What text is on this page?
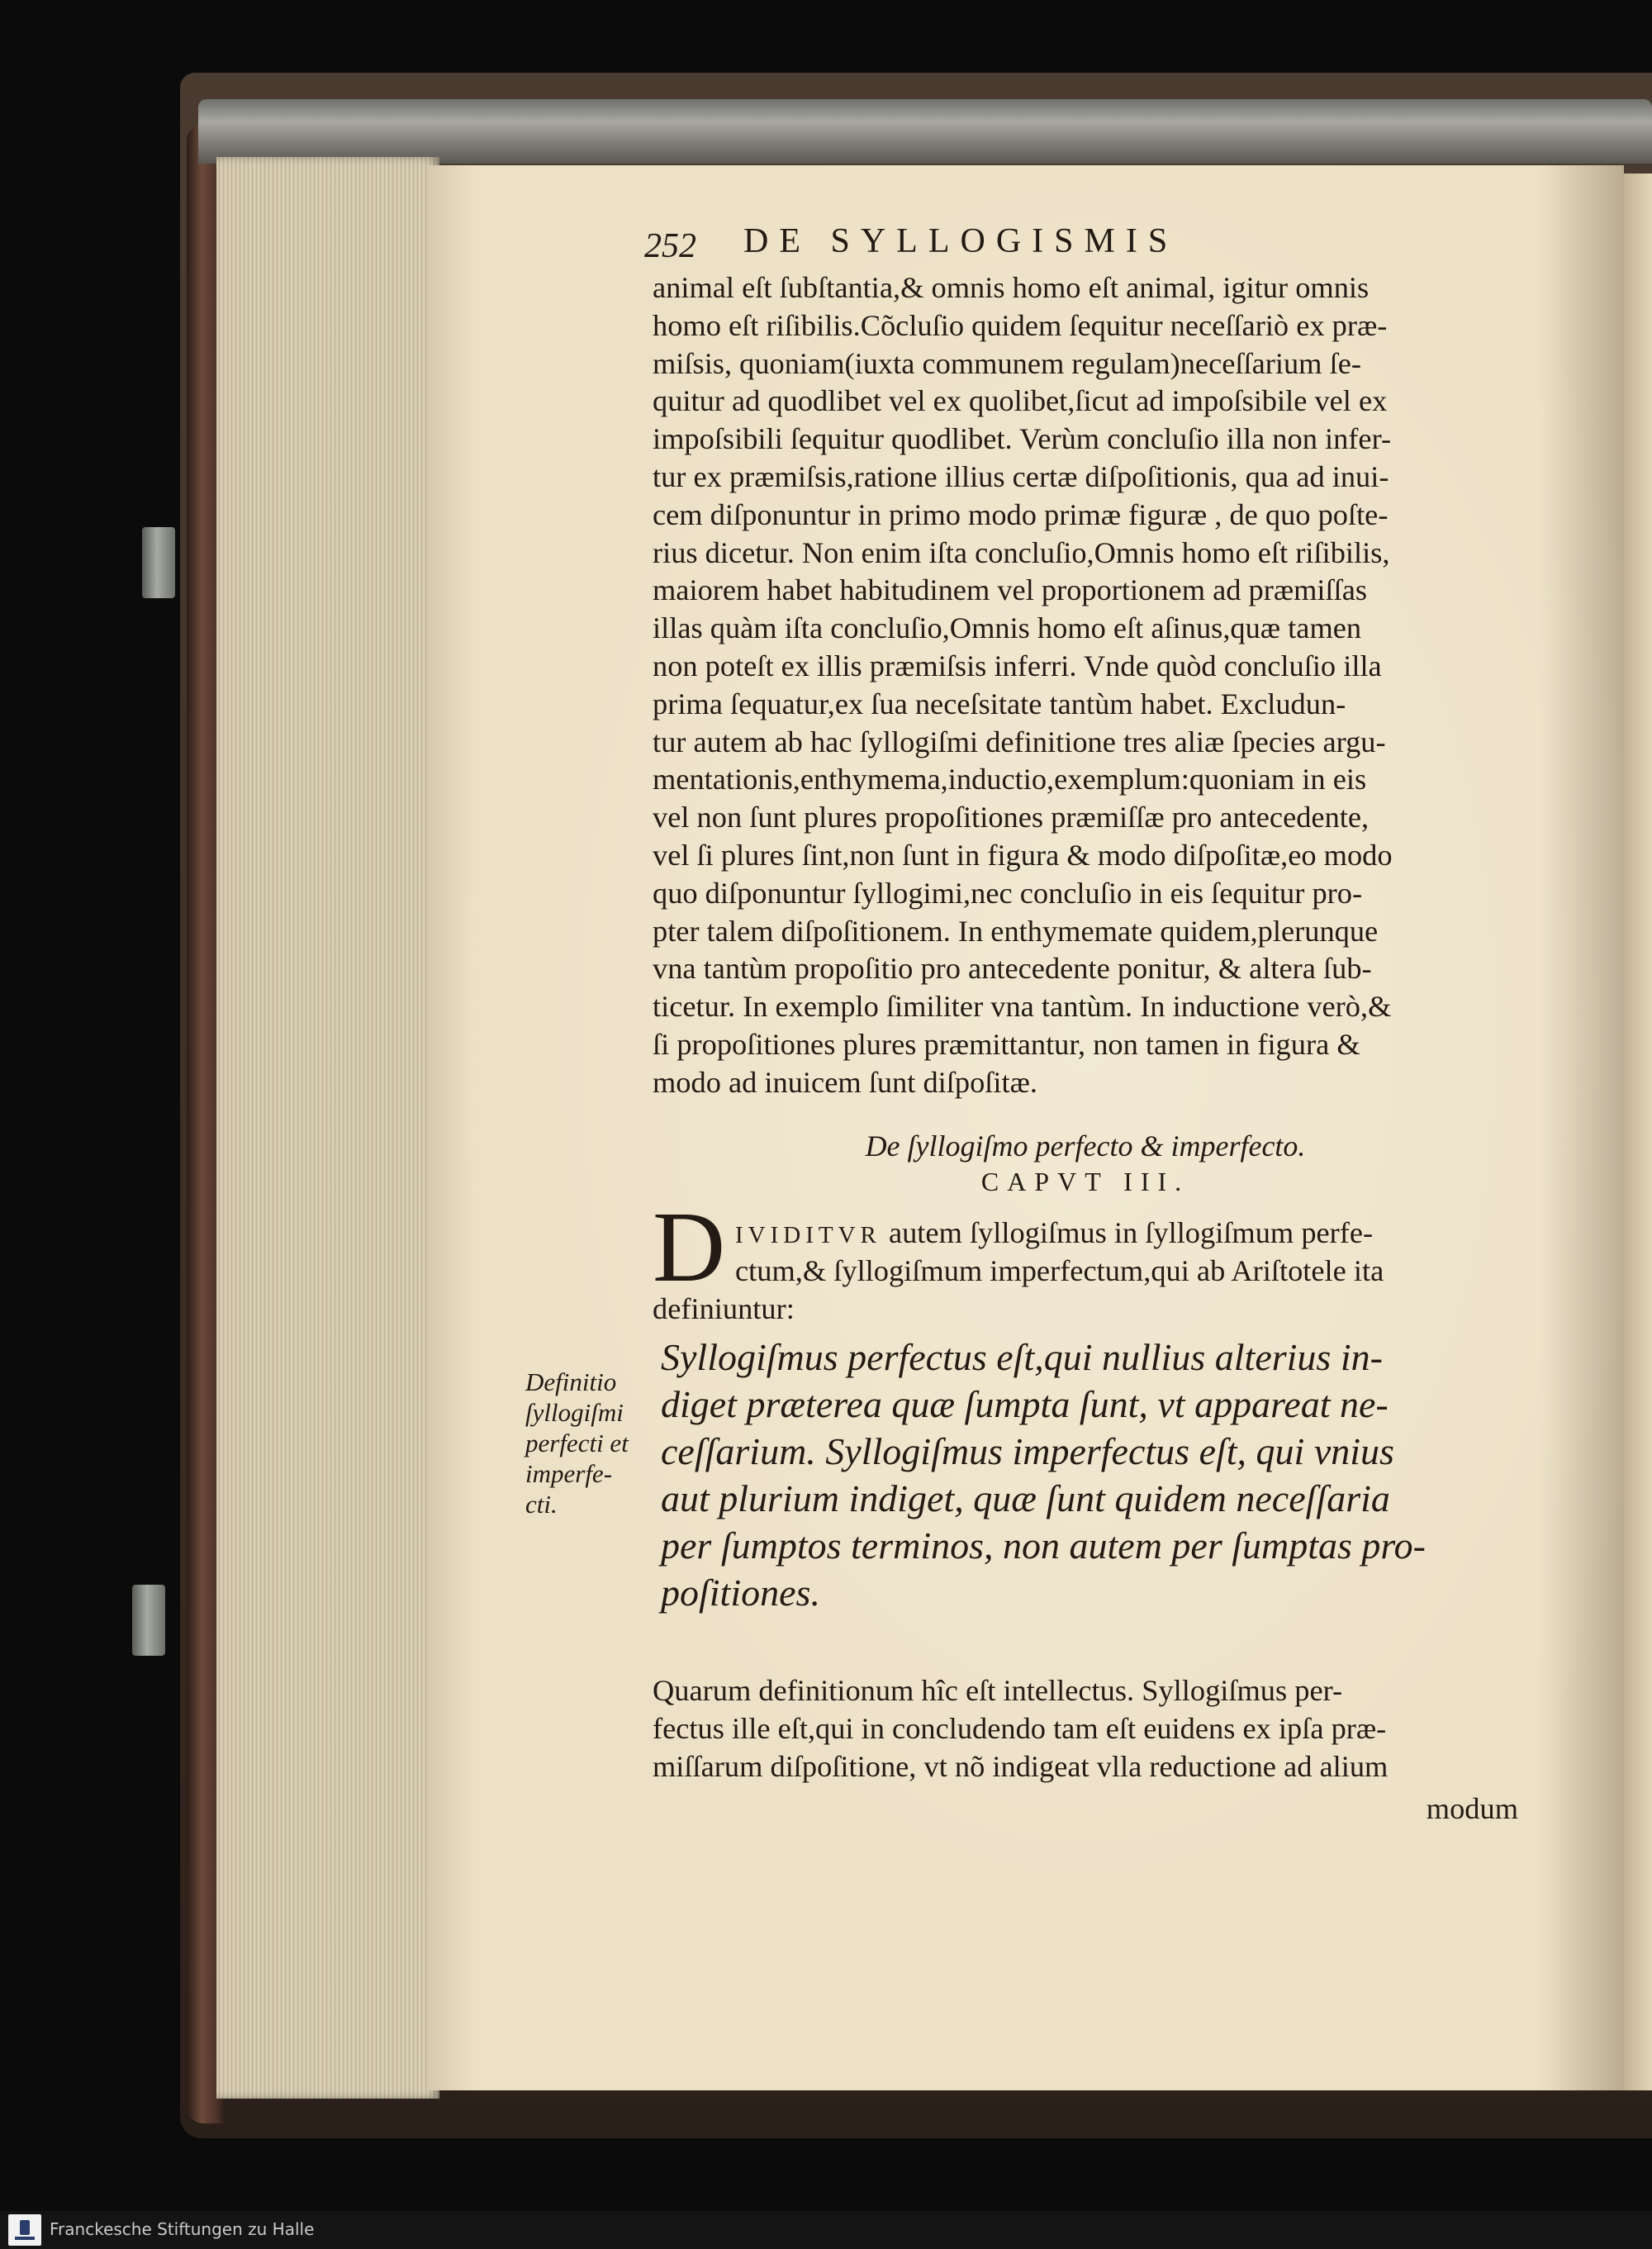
252 DE SYLLOGISMIS
animal eſt ſubſtantia,& omnis homo eſt animal, igitur omnis
homo eſt riſibilis.Cõcluſio quidem ſequitur neceſſariò ex præ-
miſsis, quoniam(iuxta communem regulam)neceſſarium ſe-
quitur ad quodlibet vel ex quolibet,ſicut ad impoſsibile vel ex
impoſsibili ſequitur quodlibet. Verùm concluſio illa non infer-
tur ex præmiſsis,ratione illius certæ diſpoſitionis, qua ad inui-
cem diſponuntur in primo modo primæ figuræ , de quo poſte-
rius dicetur. Non enim iſta concluſio,Omnis homo eſt riſibilis,
maiorem habet habitudinem vel proportionem ad præmiſſas
illas quàm iſta concluſio,Omnis homo eſt aſinus,quæ tamen
non poteſt ex illis præmiſsis inferri. Vnde quòd concluſio illa
prima ſequatur,ex ſua neceſsitate tantùm habet. Excludun-
tur autem ab hac ſyllogiſmi definitione tres aliæ ſpecies argu-
mentationis,enthymema,inductio,exemplum:quoniam in eis
vel non ſunt plures propoſitiones præmiſſæ pro antecedente,
vel ſi plures ſint,non ſunt in figura & modo diſpoſitæ,eo modo
quo diſponuntur ſyllogimi,nec concluſio in eis ſequitur pro-
pter talem diſpoſitionem. In enthymemate quidem,plerunque
vna tantùm propoſitio pro antecedente ponitur, & altera ſub-
ticetur. In exemplo ſimiliter vna tantùm. In inductione verò,&
ſi propoſitiones plures præmittantur, non tamen in figura &
modo ad inuicem ſunt diſpoſitæ.
De ſyllogiſmo perfecto & imperfecto.
CAPVT III.
D IVIDITVR autem ſyllogiſmus in ſyllogiſmum perfe-
ctum,& ſyllogiſmum imperfectum,qui ab Ariſtotele ita
definiuntur:
Definitio
ſyllogiſmi
perfecti et
imperfe-
cti.
Syllogiſmus perfectus eſt,qui nullius alterius in-
diget præterea quæ ſumpta ſunt, vt appareat ne-
ceſſarium. Syllogiſmus imperfectus eſt, qui vnius
aut plurium indiget, quæ ſunt quidem neceſſaria
per ſumptos terminos, non autem per ſumptas pro-
poſitiones.
Quarum definitionum hîc eſt intellectus. Syllogiſmus per-
fectus ille eſt,qui in concludendo tam eſt euidens ex ipſa præ-
miſſarum diſpoſitione, vt nõ indigeat vlla reductione ad alium
modum
Franckesche Stiftungen zu Halle
